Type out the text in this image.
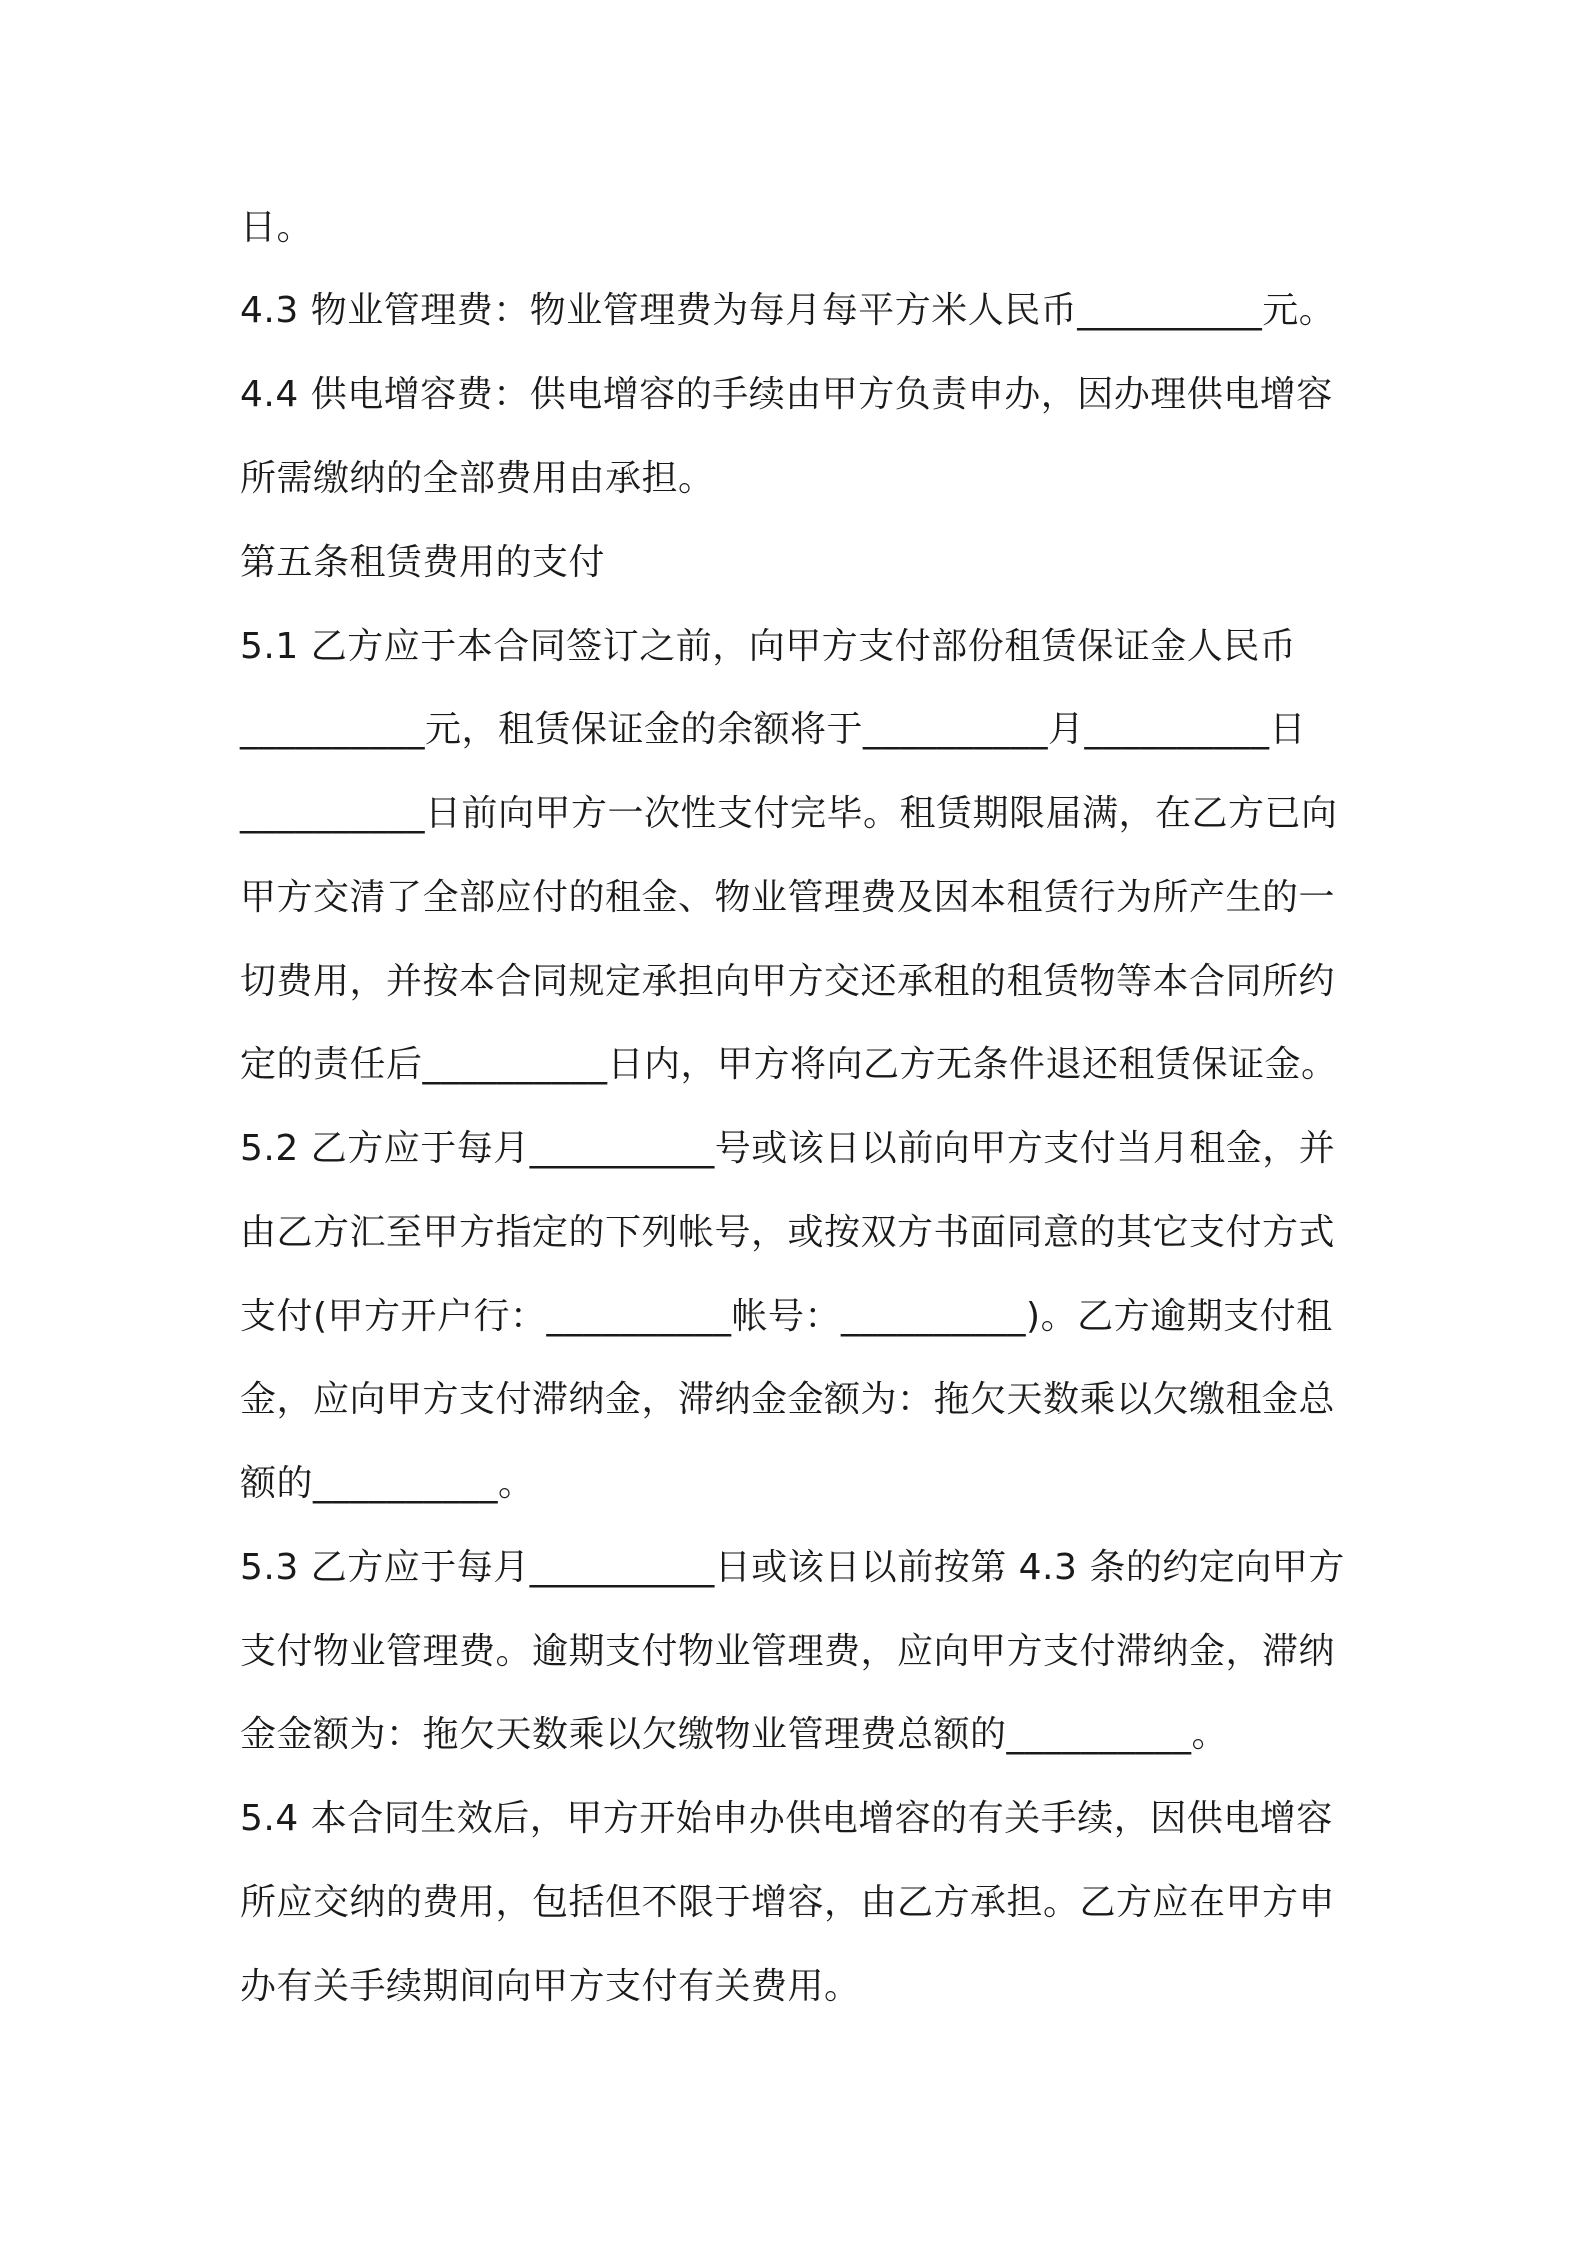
日。
4.3 物业管理费：物业管理费为每月每平方米人民币__________元。
4.4 供电增容费：供电增容的手续由甲方负责申办，因办理供电增容
所需缴纳的全部费用由承担。
第五条租赁费用的支付
5.1 乙方应于本合同签订之前，向甲方支付部份租赁保证金人民币
__________元，租赁保证金的余额将于__________月__________日
__________日前向甲方一次性支付完毕。租赁期限届满，在乙方已向
甲方交清了全部应付的租金、物业管理费及因本租赁行为所产生的一
切费用，并按本合同规定承担向甲方交还承租的租赁物等本合同所约
定的责任后__________日内，甲方将向乙方无条件退还租赁保证金。
5.2 乙方应于每月__________号或该日以前向甲方支付当月租金，并
由乙方汇至甲方指定的下列帐号，或按双方书面同意的其它支付方式
支付(甲方开户行：__________帐号：__________)。乙方逾期支付租
金，应向甲方支付滞纳金，滞纳金金额为：拖欠天数乘以欠缴租金总
额的__________。
5.3 乙方应于每月__________日或该日以前按第 4.3 条的约定向甲方
支付物业管理费。逾期支付物业管理费，应向甲方支付滞纳金，滞纳
金金额为：拖欠天数乘以欠缴物业管理费总额的__________。
5.4 本合同生效后，甲方开始申办供电增容的有关手续，因供电增容
所应交纳的费用，包括但不限于增容，由乙方承担。乙方应在甲方申
办有关手续期间向甲方支付有关费用。
